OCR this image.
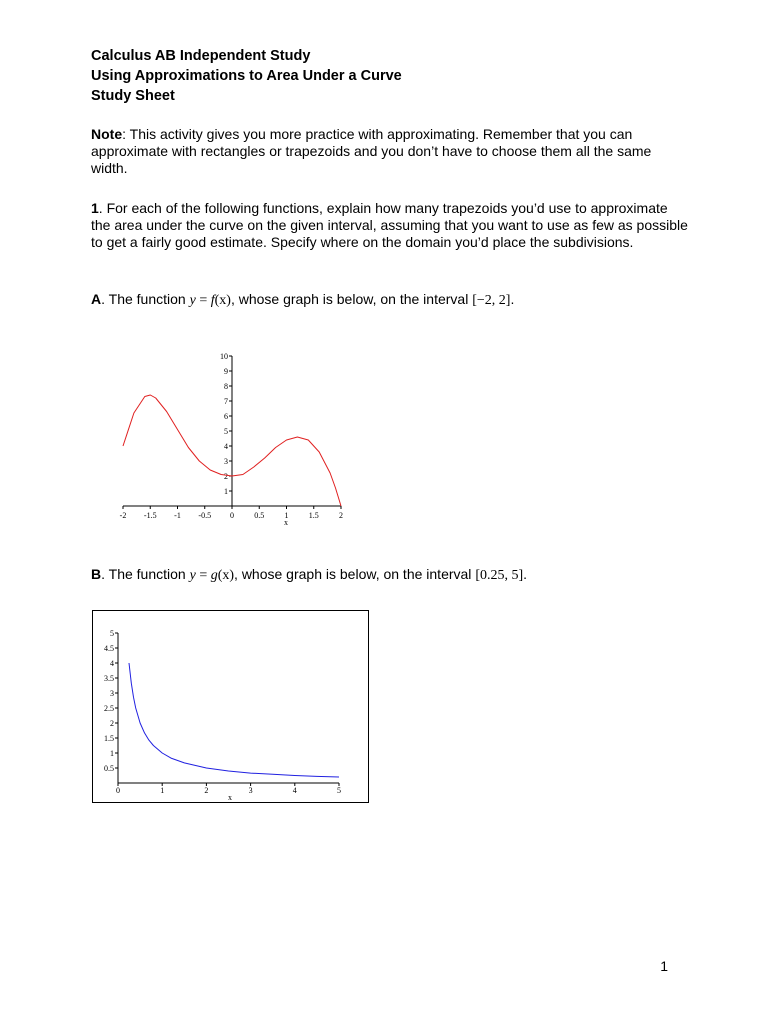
Calculus AB Independent Study
Using Approximations to Area Under a Curve
Study Sheet
Note: This activity gives you more practice with approximating. Remember that you can approximate with rectangles or trapezoids and you don’t have to choose them all the same width.
1. For each of the following functions, explain how many trapezoids you’d use to approximate the area under the curve on the given interval, assuming that you want to use as few as possible to get a fairly good estimate. Specify where on the domain you’d place the subdivisions.
A. The function y = f(x), whose graph is below, on the interval [−2, 2].
-2 -1.5 -1 -0.5 0	0.5	1	1.5	2
1
2
3
4
5
6
7
8
9
10
x
B. The function y = g(x), whose graph is below, on the interval [0.25, 5].
0	1	2	3	4	5
0.5
1
1.5
2
2.5
3
3.5
4
4.5
5
x
1
